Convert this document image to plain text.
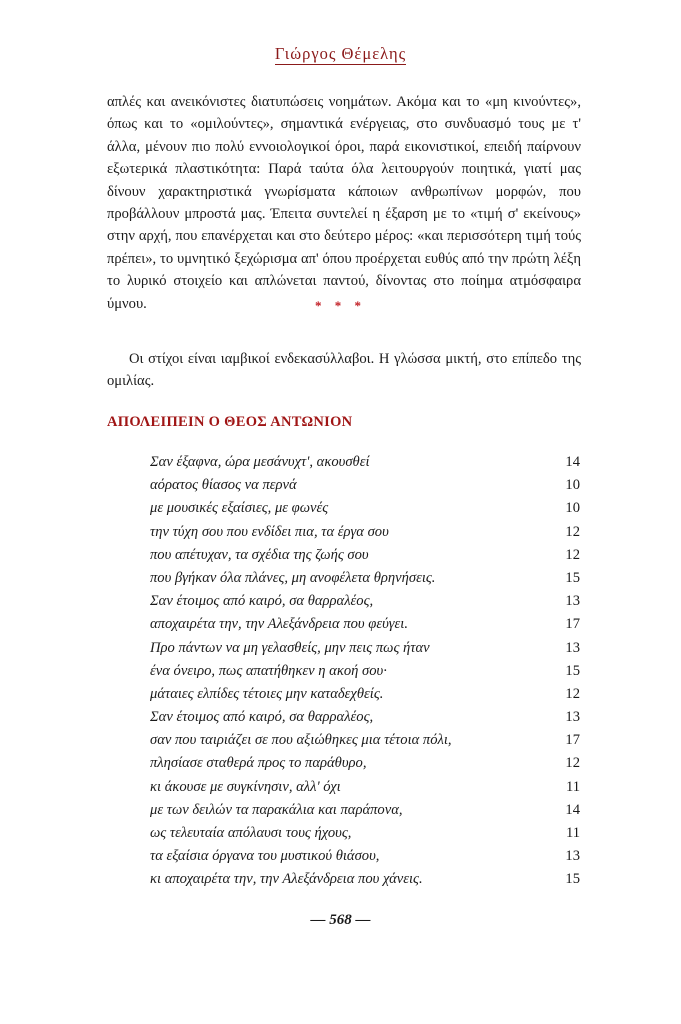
Γιώργος Θέμελης
απλές και ανεικόνιστες διατυπώσεις νοημάτων. Ακόμα και το «μη κινούντες», όπως και το «ομιλούντες», σημαντικά ενέργειας, στο συνδυασμό τους με τ' άλλα, μένουν πιο πολύ εννοιολογικοί όροι, παρά εικονιστικοί, επειδή παίρνουν εξωτερικά πλαστικότητα: Παρά ταύτα όλα λειτουργούν ποιητικά, γιατί μας δίνουν χαρακτηριστικά γνωρίσματα κάποιων ανθρωπίνων μορφών, που προβάλλουν μπροστά μας. Έπειτα συντελεί η έξαρση με το «τιμή σ' εκείνους» στην αρχή, που επανέρχεται και στο δεύτερο μέρος: «και περισσότερη τιμή τούς πρέπει», το υμνητικό ξεχώρισμα απ' όπου προέρχεται ευθύς από την πρώτη λέξη το λυρικό στοιχείο και απλώνεται παντού, δίνοντας στο ποίημα ατμόσφαιρα ύμνου.	* * *
Οι στίχοι είναι ιαμβικοί ενδεκασύλλαβοι. Η γλώσσα μικτή, στο επίπεδο της ομιλίας.
ΑΠΟΛΕΙΠΕΙΝ Ο ΘΕΟΣ ΑΝΤΩΝΙΟΝ
Σαν έξαφνα, ώρα μεσάνυχτ', ακουσθεί	14
αόρατος θίασος να περνά	10
με μουσικές εξαίσιες, με φωνές	10
την τύχη σου που ενδίδει πια, τα έργα σου	12
που απέτυχαν, τα σχέδια της ζωής σου	12
που βγήκαν όλα πλάνες, μη ανοφέλετα θρηνήσεις.	15
Σαν έτοιμος από καιρό, σα θαρραλέος,	13
αποχαιρέτα την, την Αλεξάνδρεια που φεύγει.	17
Προ πάντων να μη γελασθείς, μην πεις πως ήταν	13
ένα όνειρο, πως απατήθηκεν η ακοή σου·	15
μάταιες ελπίδες τέτοιες μην καταδεχθείς.	12
Σαν έτοιμος από καιρό, σα θαρραλέος,	13
σαν που ταιριάζει σε που αξιώθηκες μια τέτοια πόλι,	17
πλησίασε σταθερά προς το παράθυρο,	12
κι άκουσε με συγκίνησιν, αλλ' όχι	11
με των δειλών τα παρακάλια και παράπονα,	14
ως τελευταία απόλαυσι τους ήχους,	11
τα εξαίσια όργανα του μυστικού θιάσου,	13
κι αποχαιρέτα την, την Αλεξάνδρεια που χάνεις.	15
— 568 —
